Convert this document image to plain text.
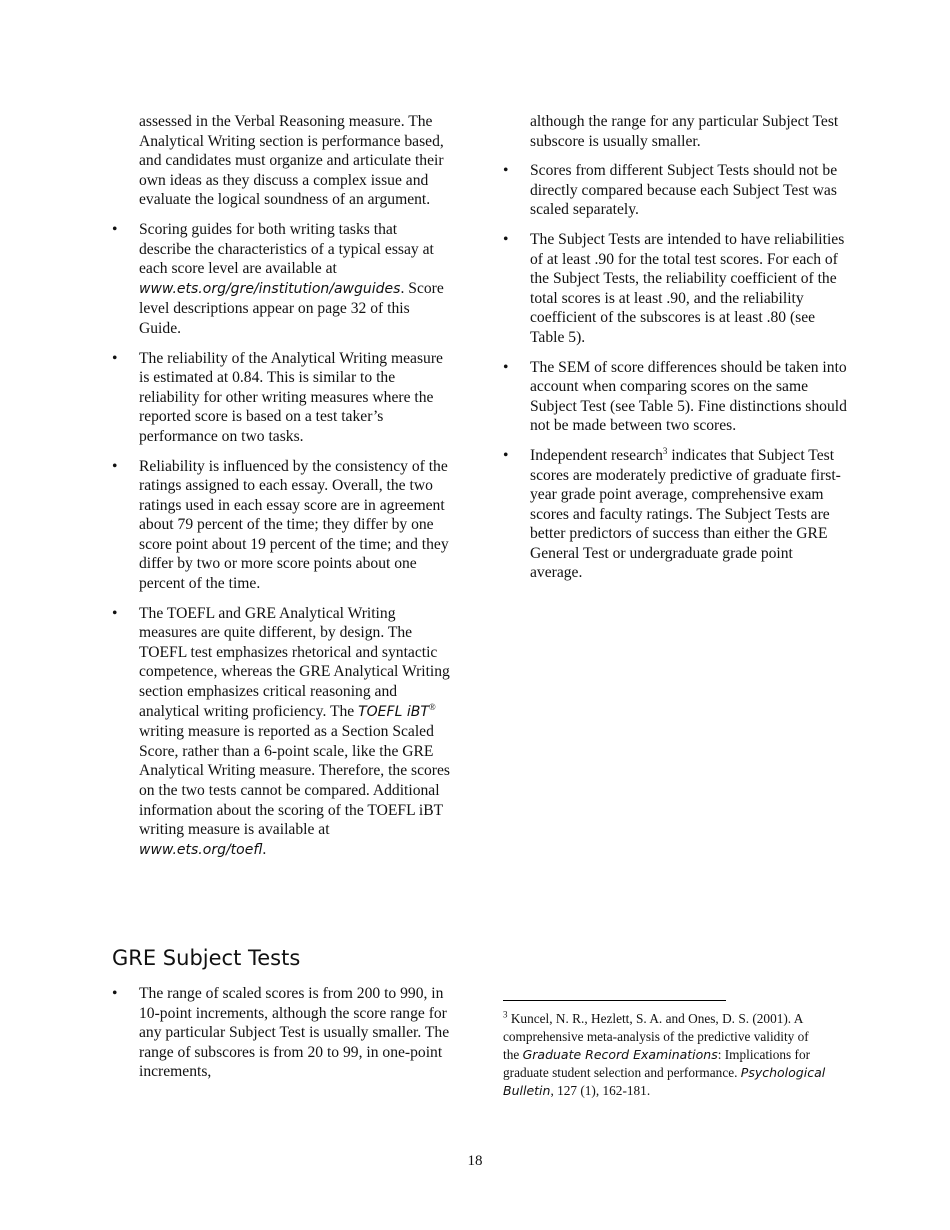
assessed in the Verbal Reasoning measure. The Analytical Writing section is performance based, and candidates must organize and articulate their own ideas as they discuss a complex issue and evaluate the logical soundness of an argument.

• Scoring guides for both writing tasks that describe the characteristics of a typical essay at each score level are available at www.ets.org/gre/institution/awguides. Score level descriptions appear on page 32 of this Guide.
• The reliability of the Analytical Writing measure is estimated at 0.84. This is similar to the reliability for other writing measures where the reported score is based on a test taker’s performance on two tasks.
• Reliability is influenced by the consistency of the ratings assigned to each essay. Overall, the two ratings used in each essay score are in agreement about 79 percent of the time; they differ by one score point about 19 percent of the time; and they differ by two or more score points about one percent of the time.
• The TOEFL and GRE Analytical Writing measures are quite different, by design. The TOEFL test emphasizes rhetorical and syntactic competence, whereas the GRE Analytical Writing section emphasizes critical reasoning and analytical writing proficiency. The TOEFL iBT® writing measure is reported as a Section Scaled Score, rather than a 6-point scale, like the GRE Analytical Writing measure. Therefore, the scores on the two tests cannot be compared. Additional information about the scoring of the TOEFL iBT writing measure is available at www.ets.org/toefl.
GRE Subject Tests
• The range of scaled scores is from 200 to 990, in 10-point increments, although the score range for any particular Subject Test is usually smaller. The range of subscores is from 20 to 99, in one-point increments,

although the range for any particular Subject Test subscore is usually smaller.

• Scores from different Subject Tests should not be directly compared because each Subject Test was scaled separately.
• The Subject Tests are intended to have reliabilities of at least .90 for the total test scores. For each of the Subject Tests, the reliability coefficient of the total scores is at least .90, and the reliability coefficient of the subscores is at least .80 (see Table 5).
• The SEM of score differences should be taken into account when comparing scores on the same Subject Test (see Table 5). Fine distinctions should not be made between two scores.
• Independent research$^3$ indicates that Subject Test scores are moderately predictive of graduate first-year grade point average, comprehensive exam scores and faculty ratings. The Subject Tests are better predictors of success than either the GRE General Test or undergraduate grade point average.
$^3$ Kuncel, N. R., Hezlett, S. A. and Ones, D. S. (2001). A comprehensive meta-analysis of the predictive validity of the Graduate Record Examinations: Implications for graduate student selection and performance. Psychological Bulletin, 127 (1), 162-181.
18
